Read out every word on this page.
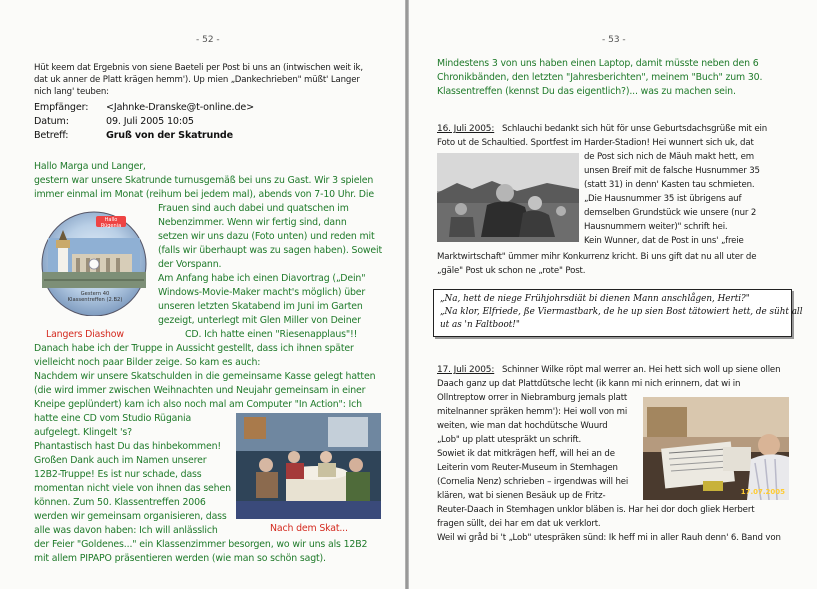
- 52 -
Hüt keem dat Ergebnis von siene Baeteli per Post bi uns an (intwischen weit ik,
dat uk anner de Platt krägen hemm'). Up mien „Dankechrieben" müßt' Langer
nich lang' teuben:
Empfänger: <Jahnke-Dranske@t-online.de>
Datum:	09. Juli 2005 10:05
Betreff:	Gruß von der Skatrunde
Hallo Marga und Langer,
gestern war unsere Skatrunde turnusgemäß bei uns zu Gast. Wir 3 spielen
immer einmal im Monat (reihum bei jedem mal), abends von 7-10 Uhr. Die
Frauen sind auch dabei und quatschen im
Nebenzimmer. Wenn wir fertig sind, dann
setzen wir uns dazu (Foto unten) und reden mit
(falls wir überhaupt was zu sagen haben). Soweit
der Vorspann.
Am Anfang habe ich einen Diavortrag („Dein"
Windows-Movie-Maker macht's möglich) über
unseren letzten Skatabend im Juni im Garten
gezeigt, unterlegt mit Glen Miller von Deiner
CD. Ich hatte einen "Riesenapplaus"!!
Hallo Rügenia
Gestern 40 Klassentreffen (2.B2)
Langers Diashow
Danach habe ich der Truppe in Aussicht gestellt, dass ich ihnen später
vielleicht noch paar Bilder zeige. So kam es auch:
Nachdem wir unsere Skatschulden in die gemeinsame Kasse gelegt hatten
(die wird immer zwischen Weihnachten und Neujahr gemeinsam in einer
Kneipe geplündert) kam ich also noch mal am Computer "In Action": Ich
hatte eine CD vom Studio Rügania
aufgelegt. Klingelt 's?
Phantastisch hast Du das hinbekommen!
Großen Dank auch im Namen unserer
12B2-Truppe! Es ist nur schade, dass
momentan nicht viele von ihnen das sehen
können. Zum 50. Klassentreffen 2006
werden wir gemeinsam organisieren, dass
alle was davon haben: Ich will anlässlich	Nach dem Skat...
der Feier "Goldenes..." ein Klassenzimmer besorgen, wo wir uns als 12B2
mit allem PIPAPO präsentieren werden (wie man so schön sagt).
- 53 -
Mindestens 3 von uns haben einen Laptop, damit müsste neben den 6
Chronikbänden, den letzten "Jahresberichten", meinem "Buch" zum 30.
Klassentreffen (kennst Du das eigentlich?)... was zu machen sein.
16. Juli 2005: Schlauchi bedankt sich hüt för unse Geburtsdachsgrüße mit ein
Foto ut de Schaultied. Sportfest im Harder-Stadion! Hei wunnert sich uk, dat
de Post sich nich de Mäuh makt hett, em
unsen Breif mit de falsche Husnummer 35
(statt 31) in denn' Kasten tau schmieten.
„Die Hausnummer 35 ist übrigens auf
demselben Grundstück wie unsere (nur 2
Hausnummern weiter)" schrift hei.
Kein Wunner, dat de Post in uns' „freie
Marktwirtschaft" ümmer mihr Konkurrenz kricht. Bi uns gift dat nu all uter de
„gäle" Post uk schon ne „rote" Post.
„Na, hett de niege Frühjohrsdiät bi dienen Mann anschlågen, Herti?"
„Na klor, Elfriede, ße Viermastbark, de he up sien Bost tätowiert hett, de süht all
ut as 'n Faltboot!"
17. Juli 2005: Schinner Wilke röpt mal werrer an. Hei hett sich woll up siene ollen
Daach ganz up dat Plattdütsche lecht (ik kann mi nich erinnern, dat wi in
Ollntreptow orrer in Niebramburg jemals platt
mitelnanner spräken hemm'): Hei woll von mi
weiten, wie man dat hochdütsche Wuurd
„Lob" up platt utespräkt un schrift.
Sowiet ik dat mitkrägen heff, will hei an de
Leiterin vom Reuter-Museum in Stemhagen
(Cornelia Nenz) schrieben – irgendwas will hei
klären, wat bi sienen Besäuk up de Fritz-
Reuter-Daach in Stemhagen unklor bläben is. Har hei dor doch gliek Herbert
fragen süllt, dei har em dat uk verklort.
Weil wi gråd bi 't „Lob" utespräken sünd: Ik heff mi in aller Rauh denn' 6. Band von
17.07.2005
